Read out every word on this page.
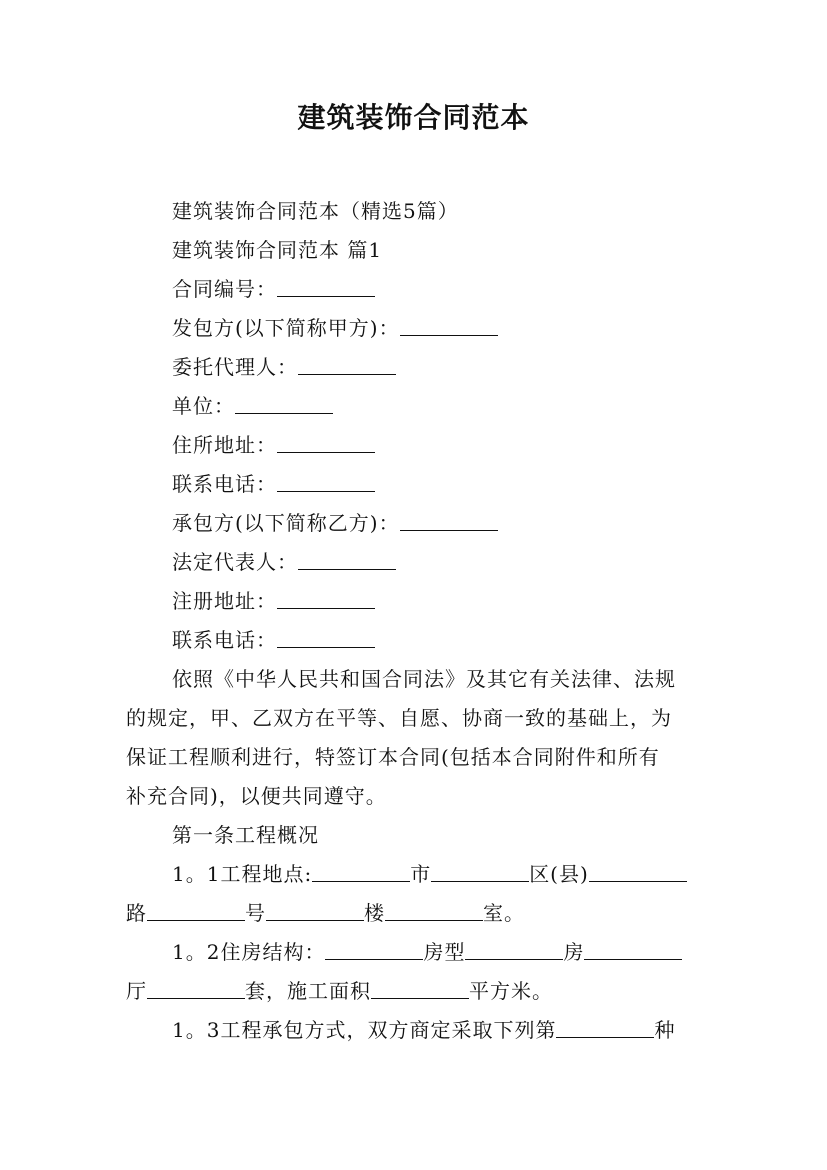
建筑装饰合同范本
建筑装饰合同范本（精选5篇）
建筑装饰合同范本 篇1
合同编号：
发包方(以下简称甲方)：
委托代理人：
单位：
住所地址：
联系电话：
承包方(以下简称乙方)：
法定代表人：
注册地址：
联系电话：
依照《中华人民共和国合同法》及其它有关法律、法规
的规定，甲、乙双方在平等、自愿、协商一致的基础上，为
保证工程顺利进行，特签订本合同(包括本合同附件和所有
补充合同)，以便共同遵守。
第一条工程概况
1。1工程地点:	市	区(县)
路	号	楼	室。
1。2住房结构：	房型	房
厅	套，施工面积	平方米。
1。3工程承包方式，双方商定采取下列第	种
